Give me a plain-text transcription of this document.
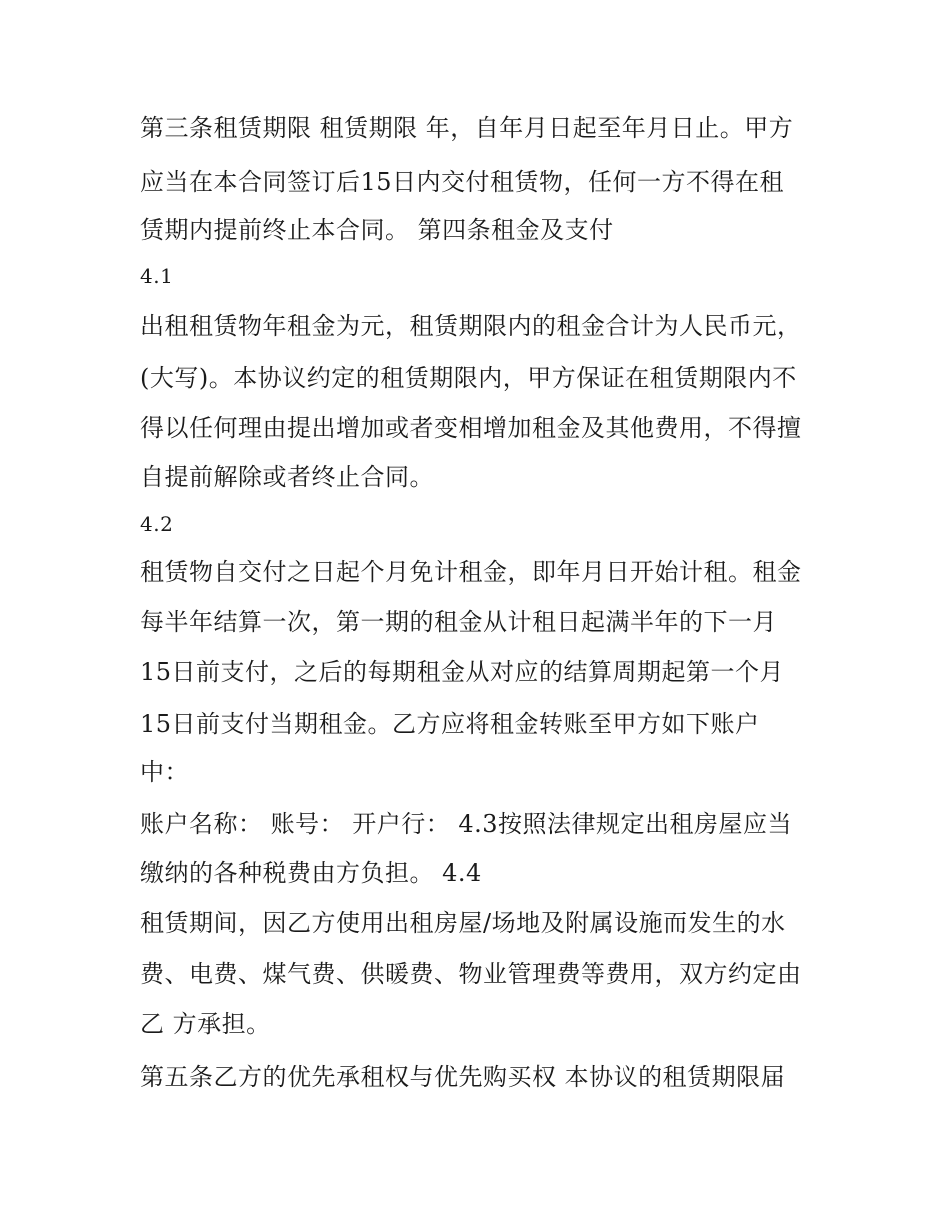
第三条租赁期限 租赁期限 年，自年月日起至年月日止。甲方
应当在本合同签订后15日内交付租赁物，任何一方不得在租
赁期内提前终止本合同。 第四条租金及支付
4.1
出租租赁物年租金为元，租赁期限内的租金合计为人民币元，
(大写)。本协议约定的租赁期限内，甲方保证在租赁期限内不
得以任何理由提出增加或者变相增加租金及其他费用，不得擅
自提前解除或者终止合同。
4.2
租赁物自交付之日起个月免计租金，即年月日开始计租。租金
每半年结算一次，第一期的租金从计租日起满半年的下一月
15日前支付，之后的每期租金从对应的结算周期起第一个月
15日前支付当期租金。乙方应将租金转账至甲方如下账户
中：
账户名称： 账号： 开户行： 4.3按照法律规定出租房屋应当
缴纳的各种税费由方负担。 4.4
租赁期间，因乙方使用出租房屋/场地及附属设施而发生的水
费、电费、煤气费、供暖费、物业管理费等费用，双方约定由
乙 方承担。
第五条乙方的优先承租权与优先购买权 本协议的租赁期限届
